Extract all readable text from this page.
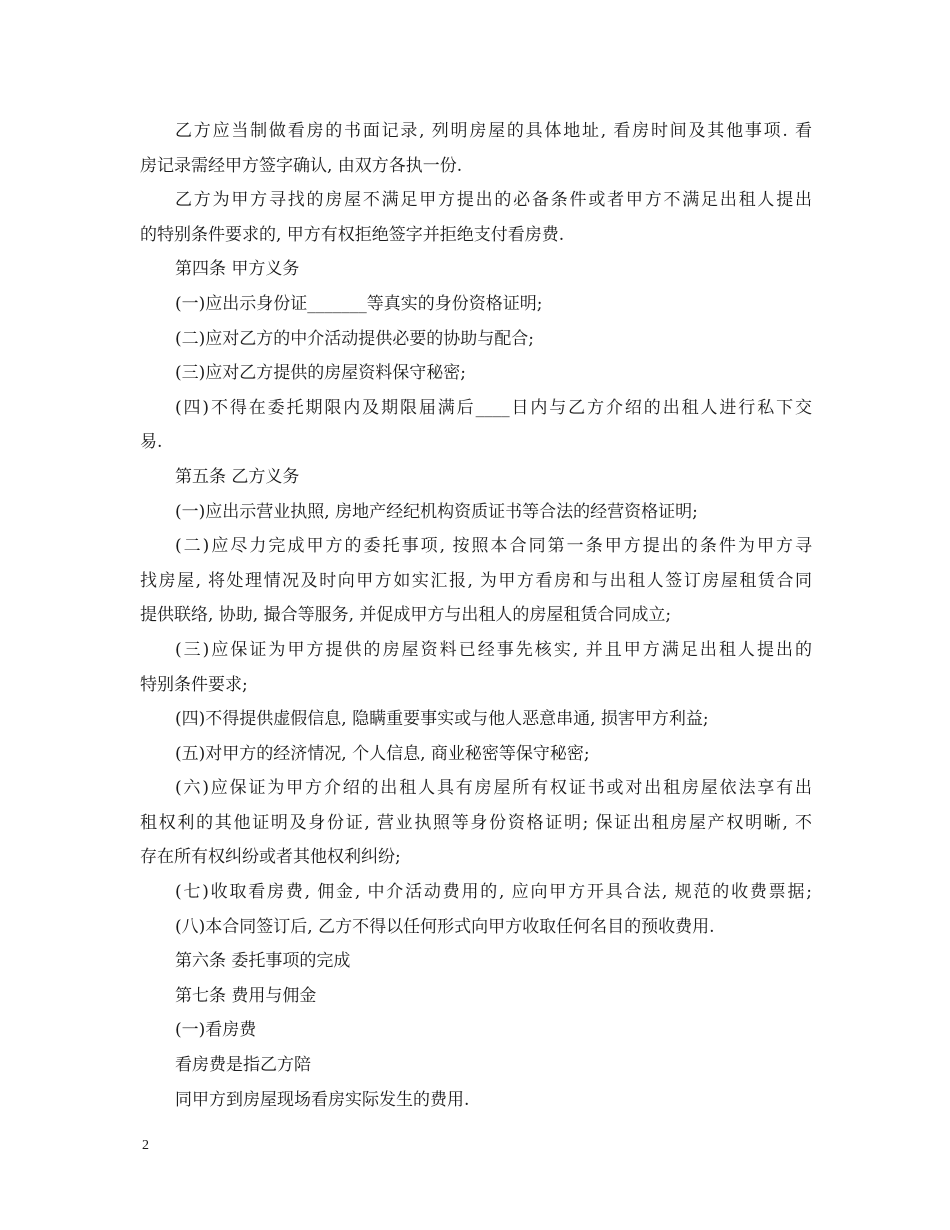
乙方应当制做看房的书面记录, 列明房屋的具体地址, 看房时间及其他事项. 看
房记录需经甲方签字确认, 由双方各执一份.
乙方为甲方寻找的房屋不满足甲方提出的必备条件或者甲方不满足出租人提出
的特别条件要求的, 甲方有权拒绝签字并拒绝支付看房费.
第四条 甲方义务
(一)应出示身份证_______等真实的身份资格证明;
(二)应对乙方的中介活动提供必要的协助与配合;
(三)应对乙方提供的房屋资料保守秘密;
(四)不得在委托期限内及期限届满后____日内与乙方介绍的出租人进行私下交
易.
第五条 乙方义务
(一)应出示营业执照, 房地产经纪机构资质证书等合法的经营资格证明;
(二)应尽力完成甲方的委托事项, 按照本合同第一条甲方提出的条件为甲方寻
找房屋, 将处理情况及时向甲方如实汇报, 为甲方看房和与出租人签订房屋租赁合同
提供联络, 协助, 撮合等服务, 并促成甲方与出租人的房屋租赁合同成立;
(三)应保证为甲方提供的房屋资料已经事先核实, 并且甲方满足出租人提出的
特别条件要求;
(四)不得提供虚假信息, 隐瞒重要事实或与他人恶意串通, 损害甲方利益;
(五)对甲方的经济情况, 个人信息, 商业秘密等保守秘密;
(六)应保证为甲方介绍的出租人具有房屋所有权证书或对出租房屋依法享有出
租权利的其他证明及身份证, 营业执照等身份资格证明; 保证出租房屋产权明晰, 不
存在所有权纠纷或者其他权利纠纷;
(七)收取看房费, 佣金, 中介活动费用的, 应向甲方开具合法, 规范的收费票据;
(八)本合同签订后, 乙方不得以任何形式向甲方收取任何名目的预收费用.
第六条 委托事项的完成
第七条 费用与佣金
(一)看房费
看房费是指乙方陪
同甲方到房屋现场看房实际发生的费用.
2
